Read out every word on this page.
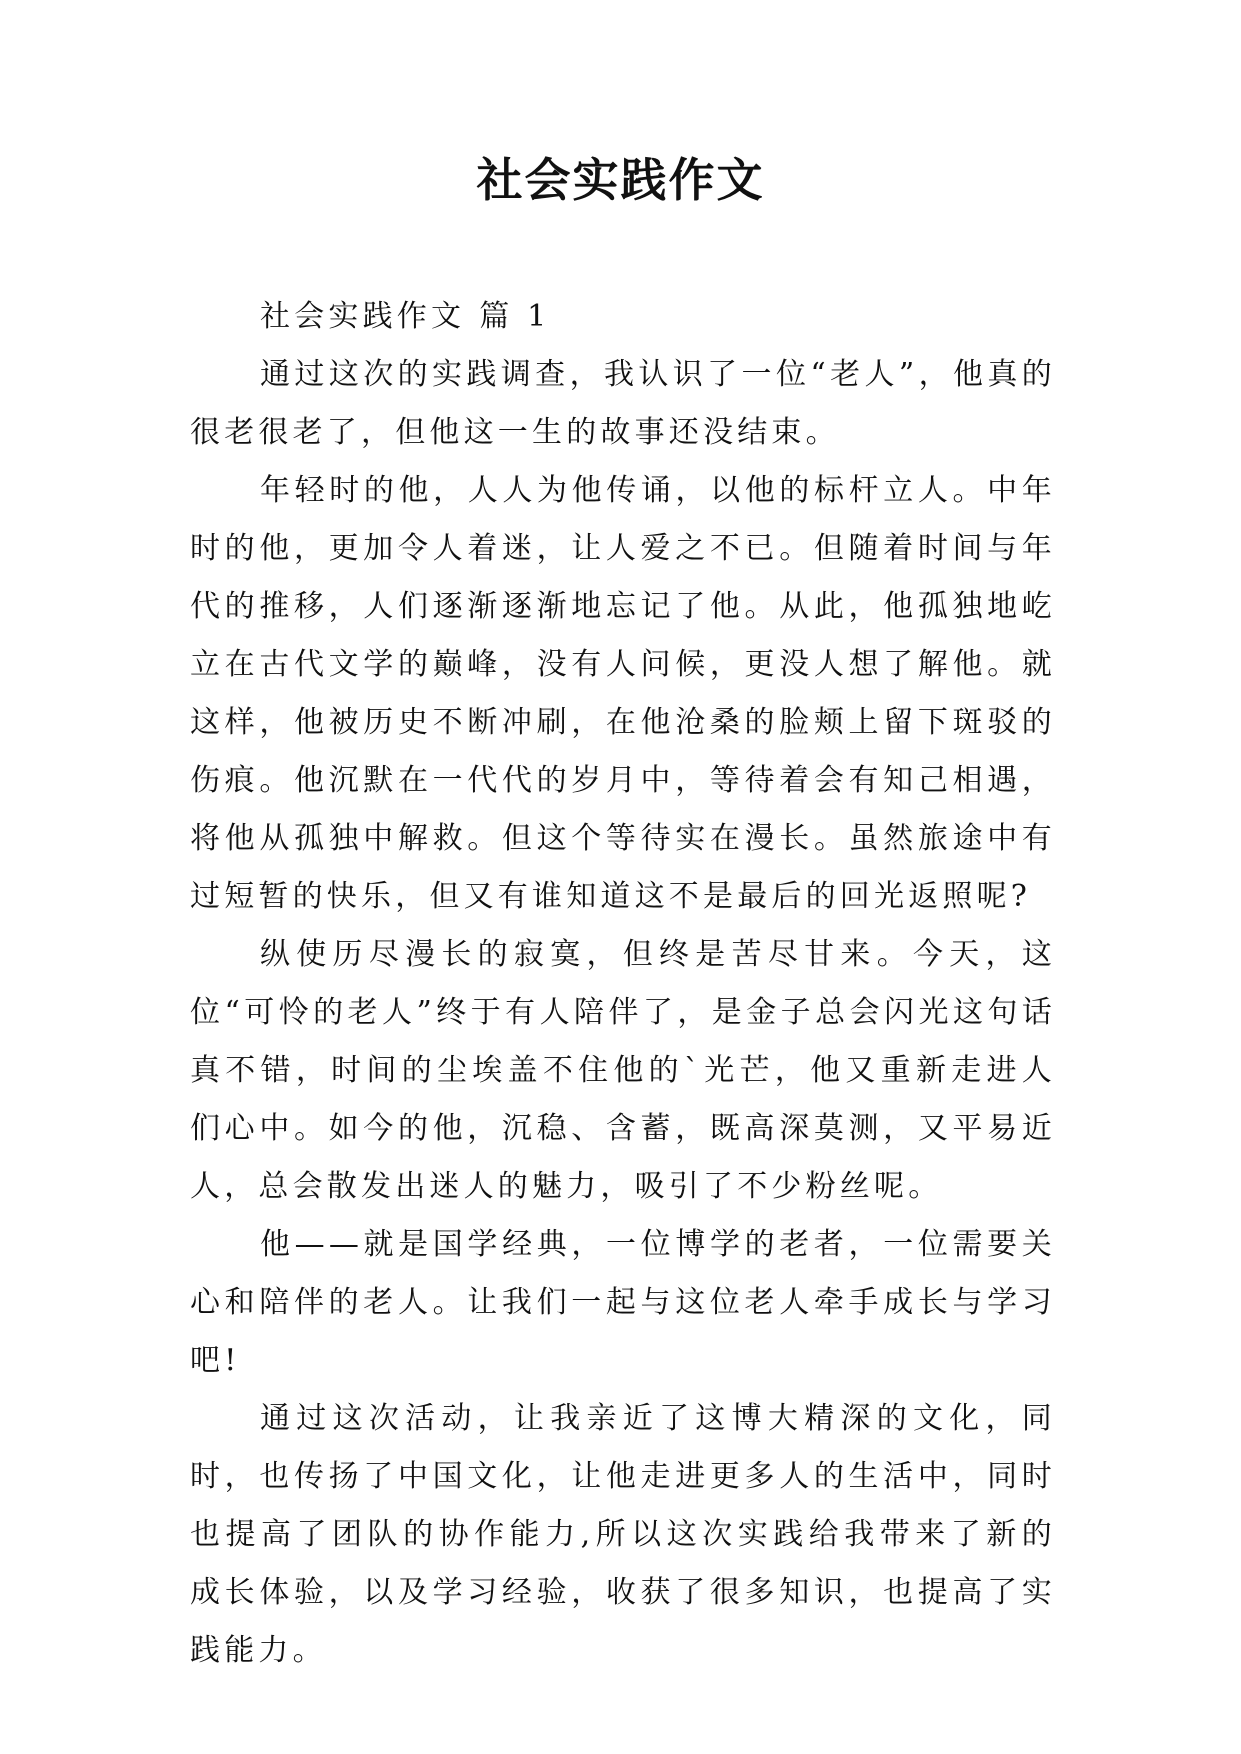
社会实践作文

社会实践作文 篇 1

通过这次的实践调查，我认识了一位“老人”，他真的很老很老了，但他这一生的故事还没结束。

年轻时的他，人人为他传诵，以他的标杆立人。中年时的他，更加令人着迷，让人爱之不已。但随着时间与年代的推移，人们逐渐逐渐地忘记了他。从此，他孤独地屹立在古代文学的巅峰，没有人问候，更没人想了解他。就这样，他被历史不断冲刷，在他沧桑的脸颊上留下斑驳的伤痕。他沉默在一代代的岁月中，等待着会有知己相遇，将他从孤独中解救。但这个等待实在漫长。虽然旅途中有过短暂的快乐，但又有谁知道这不是最后的回光返照呢?

纵使历尽漫长的寂寞，但终是苦尽甘来。今天，这位“可怜的老人”终于有人陪伴了，是金子总会闪光这句话真不错，时间的尘埃盖不住他的`光芒，他又重新走进人们心中。如今的他，沉稳、含蓄，既高深莫测，又平易近人，总会散发出迷人的魅力，吸引了不少粉丝呢。

他——就是国学经典，一位博学的老者，一位需要关心和陪伴的老人。让我们一起与这位老人牵手成长与学习吧!

通过这次活动，让我亲近了这博大精深的文化，同时，也传扬了中国文化，让他走进更多人的生活中，同时也提高了团队的协作能力,所以这次实践给我带来了新的成长体验，以及学习经验，收获了很多知识，也提高了实践能力。
